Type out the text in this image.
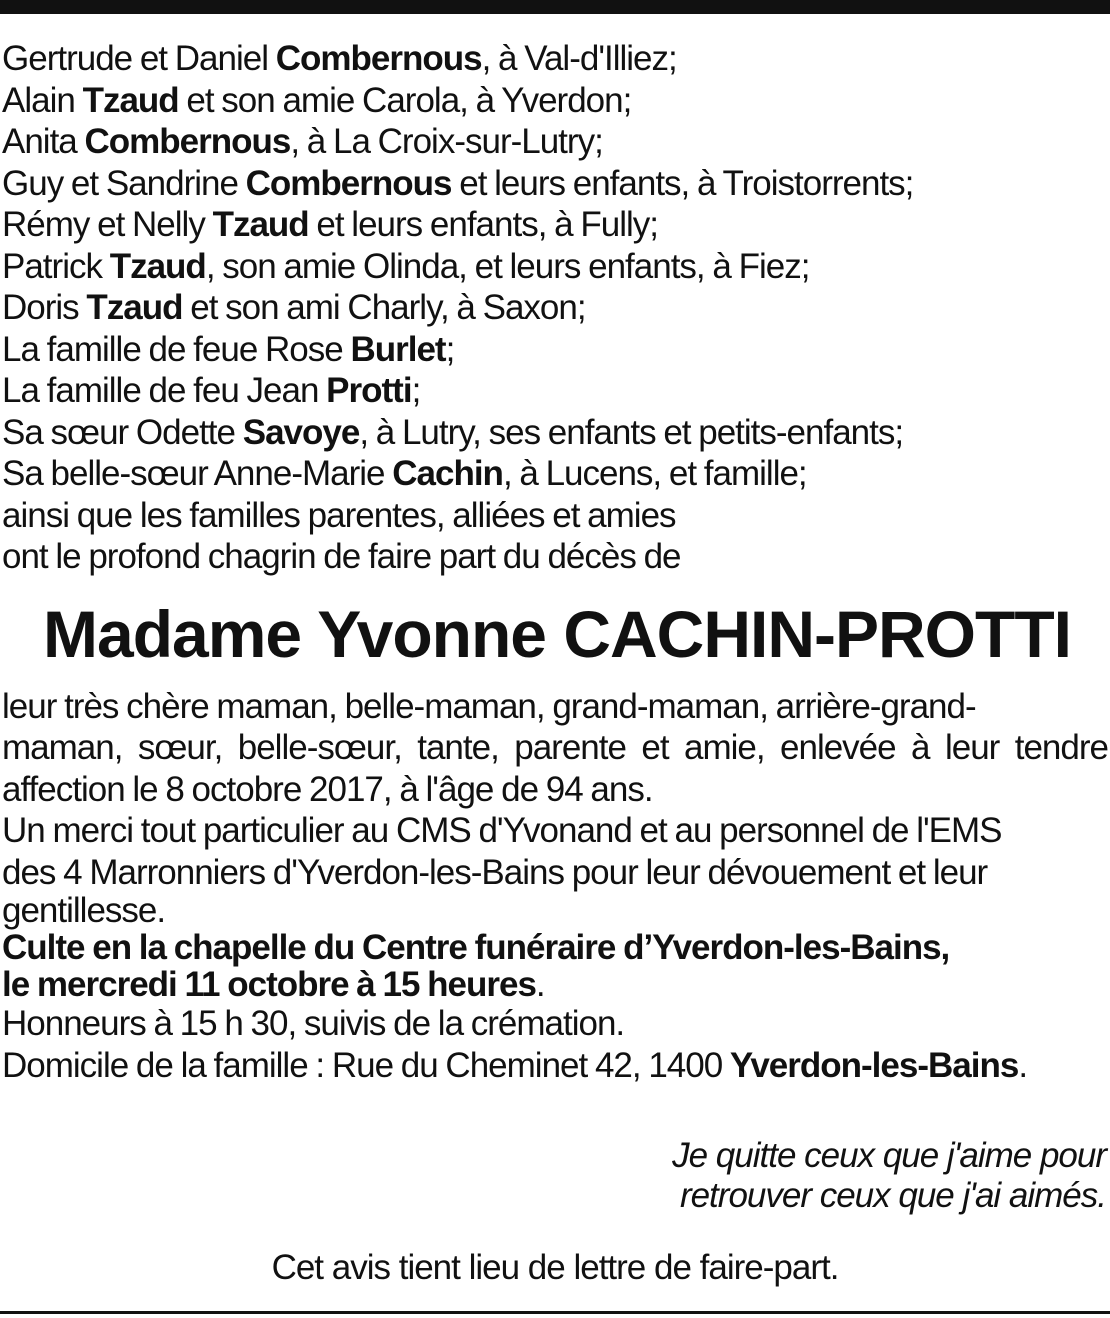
Gertrude et Daniel Combernous, à Val-d'Illiez;
Alain Tzaud et son amie Carola, à Yverdon;
Anita Combernous, à La Croix-sur-Lutry;
Guy et Sandrine Combernous et leurs enfants, à Troistorrents;
Rémy et Nelly Tzaud et leurs enfants, à Fully;
Patrick Tzaud, son amie Olinda, et leurs enfants, à Fiez;
Doris Tzaud et son ami Charly, à Saxon;
La famille de feue Rose Burlet;
La famille de feu Jean Protti;
Sa sœur Odette Savoye, à Lutry, ses enfants et petits-enfants;
Sa belle-sœur Anne-Marie Cachin, à Lucens, et famille;
ainsi que les familles parentes, alliées et amies
ont le profond chagrin de faire part du décès de
Madame Yvonne CACHIN-PROTTI
leur très chère maman, belle-maman, grand-maman, arrière-grand-
maman, sœur, belle-sœur, tante, parente et amie, enlevée à leur tendre
affection le 8 octobre 2017, à l'âge de 94 ans.
Un merci tout particulier au CMS d'Yvonand et au personnel de l'EMS
des 4 Marronniers d'Yverdon-les-Bains pour leur dévouement et leur
gentillesse.
Culte en la chapelle du Centre funéraire d’Yverdon-les-Bains,
le mercredi 11 octobre à 15 heures.
Honneurs à 15 h 30, suivis de la crémation.
Domicile de la famille : Rue du Cheminet 42, 1400 Yverdon-les-Bains.
Je quitte ceux que j'aime pour
retrouver ceux que j'ai aimés.
Cet avis tient lieu de lettre de faire-part.
